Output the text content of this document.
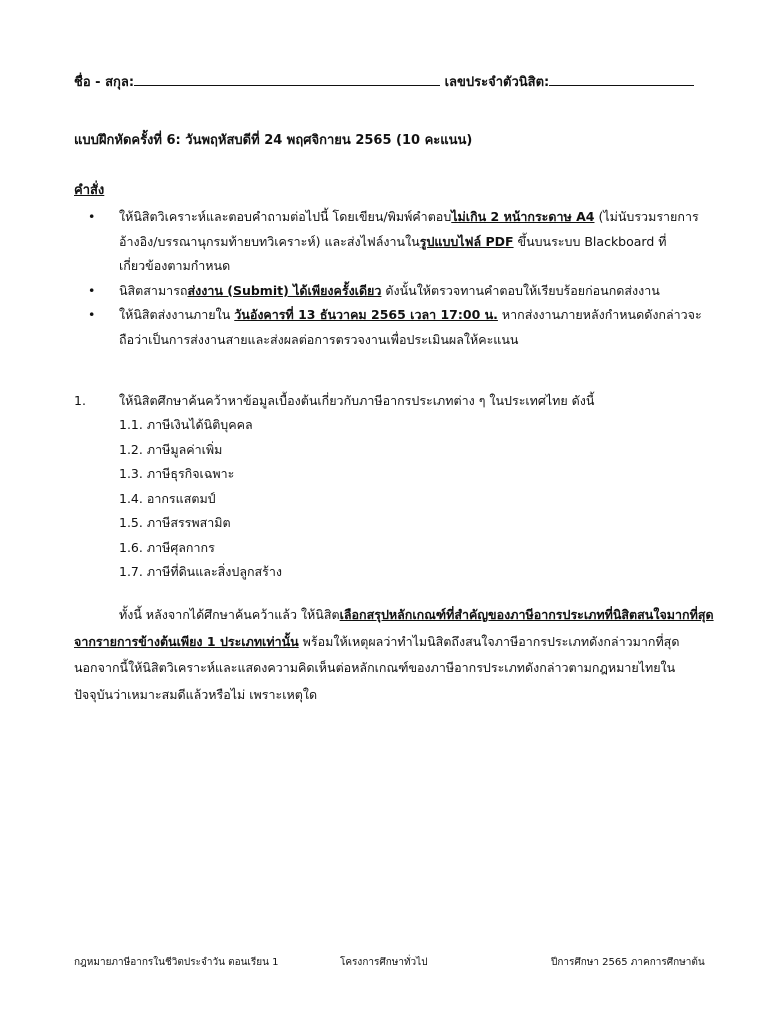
ชื่อ - สกุล:	เลขประจำตัวนิสิต:
แบบฝึกหัดครั้งที่ 6: วันพฤหัสบดีที่ 24 พฤศจิกายน 2565 (10 คะแนน)
คำสั่ง
• ให้นิสิตวิเคราะห์และตอบคำถามต่อไปนี้ โดยเขียน/พิมพ์คำตอบไม่เกิน 2 หน้ากระดาษ A4 (ไม่นับรวมรายการอ้างอิง/บรรณานุกรมท้ายบทวิเคราะห์) และส่งไฟล์งานในรูปแบบไฟล์ PDF ขึ้นบนระบบ Blackboard ที่เกี่ยวข้องตามกำหนด
• นิสิตสามารถส่งงาน (Submit) ได้เพียงครั้งเดียว ดังนั้นให้ตรวจทานคำตอบให้เรียบร้อยก่อนกดส่งงาน
• ให้นิสิตส่งงานภายใน วันอังคารที่ 13 ธันวาคม 2565 เวลา 17:00 น. หากส่งงานภายหลังกำหนดดังกล่าวจะถือว่าเป็นการส่งงานสายและส่งผลต่อการตรวจงานเพื่อประเมินผลให้คะแนน
1.	ให้นิสิตศึกษาค้นคว้าหาข้อมูลเบื้องต้นเกี่ยวกับภาษีอากรประเภทต่าง ๆ ในประเทศไทย ดังนี้
1.1. ภาษีเงินได้นิติบุคคล
1.2. ภาษีมูลค่าเพิ่ม
1.3. ภาษีธุรกิจเฉพาะ
1.4. อากรแสตมป์
1.5. ภาษีสรรพสามิต
1.6. ภาษีศุลกากร
1.7. ภาษีที่ดินและสิ่งปลูกสร้าง
ทั้งนี้ หลังจากได้ศึกษาค้นคว้าแล้ว ให้นิสิตเลือกสรุปหลักเกณฑ์ที่สำคัญของภาษีอากรประเภทที่นิสิตสนใจมากที่สุดจากรายการข้างต้นเพียง 1 ประเภทเท่านั้น พร้อมให้เหตุผลว่าทำไมนิสิตถึงสนใจภาษีอากรประเภทดังกล่าวมากที่สุด นอกจากนี้ให้นิสิตวิเคราะห์และแสดงความคิดเห็นต่อหลักเกณฑ์ของภาษีอากรประเภทดังกล่าวตามกฎหมายไทยในปัจจุบันว่าเหมาะสมดีแล้วหรือไม่ เพราะเหตุใด
กฎหมายภาษีอากรในชีวิตประจำวัน ตอนเรียน 1	โครงการศึกษาทั่วไป	ปีการศึกษา 2565 ภาคการศึกษาต้น
